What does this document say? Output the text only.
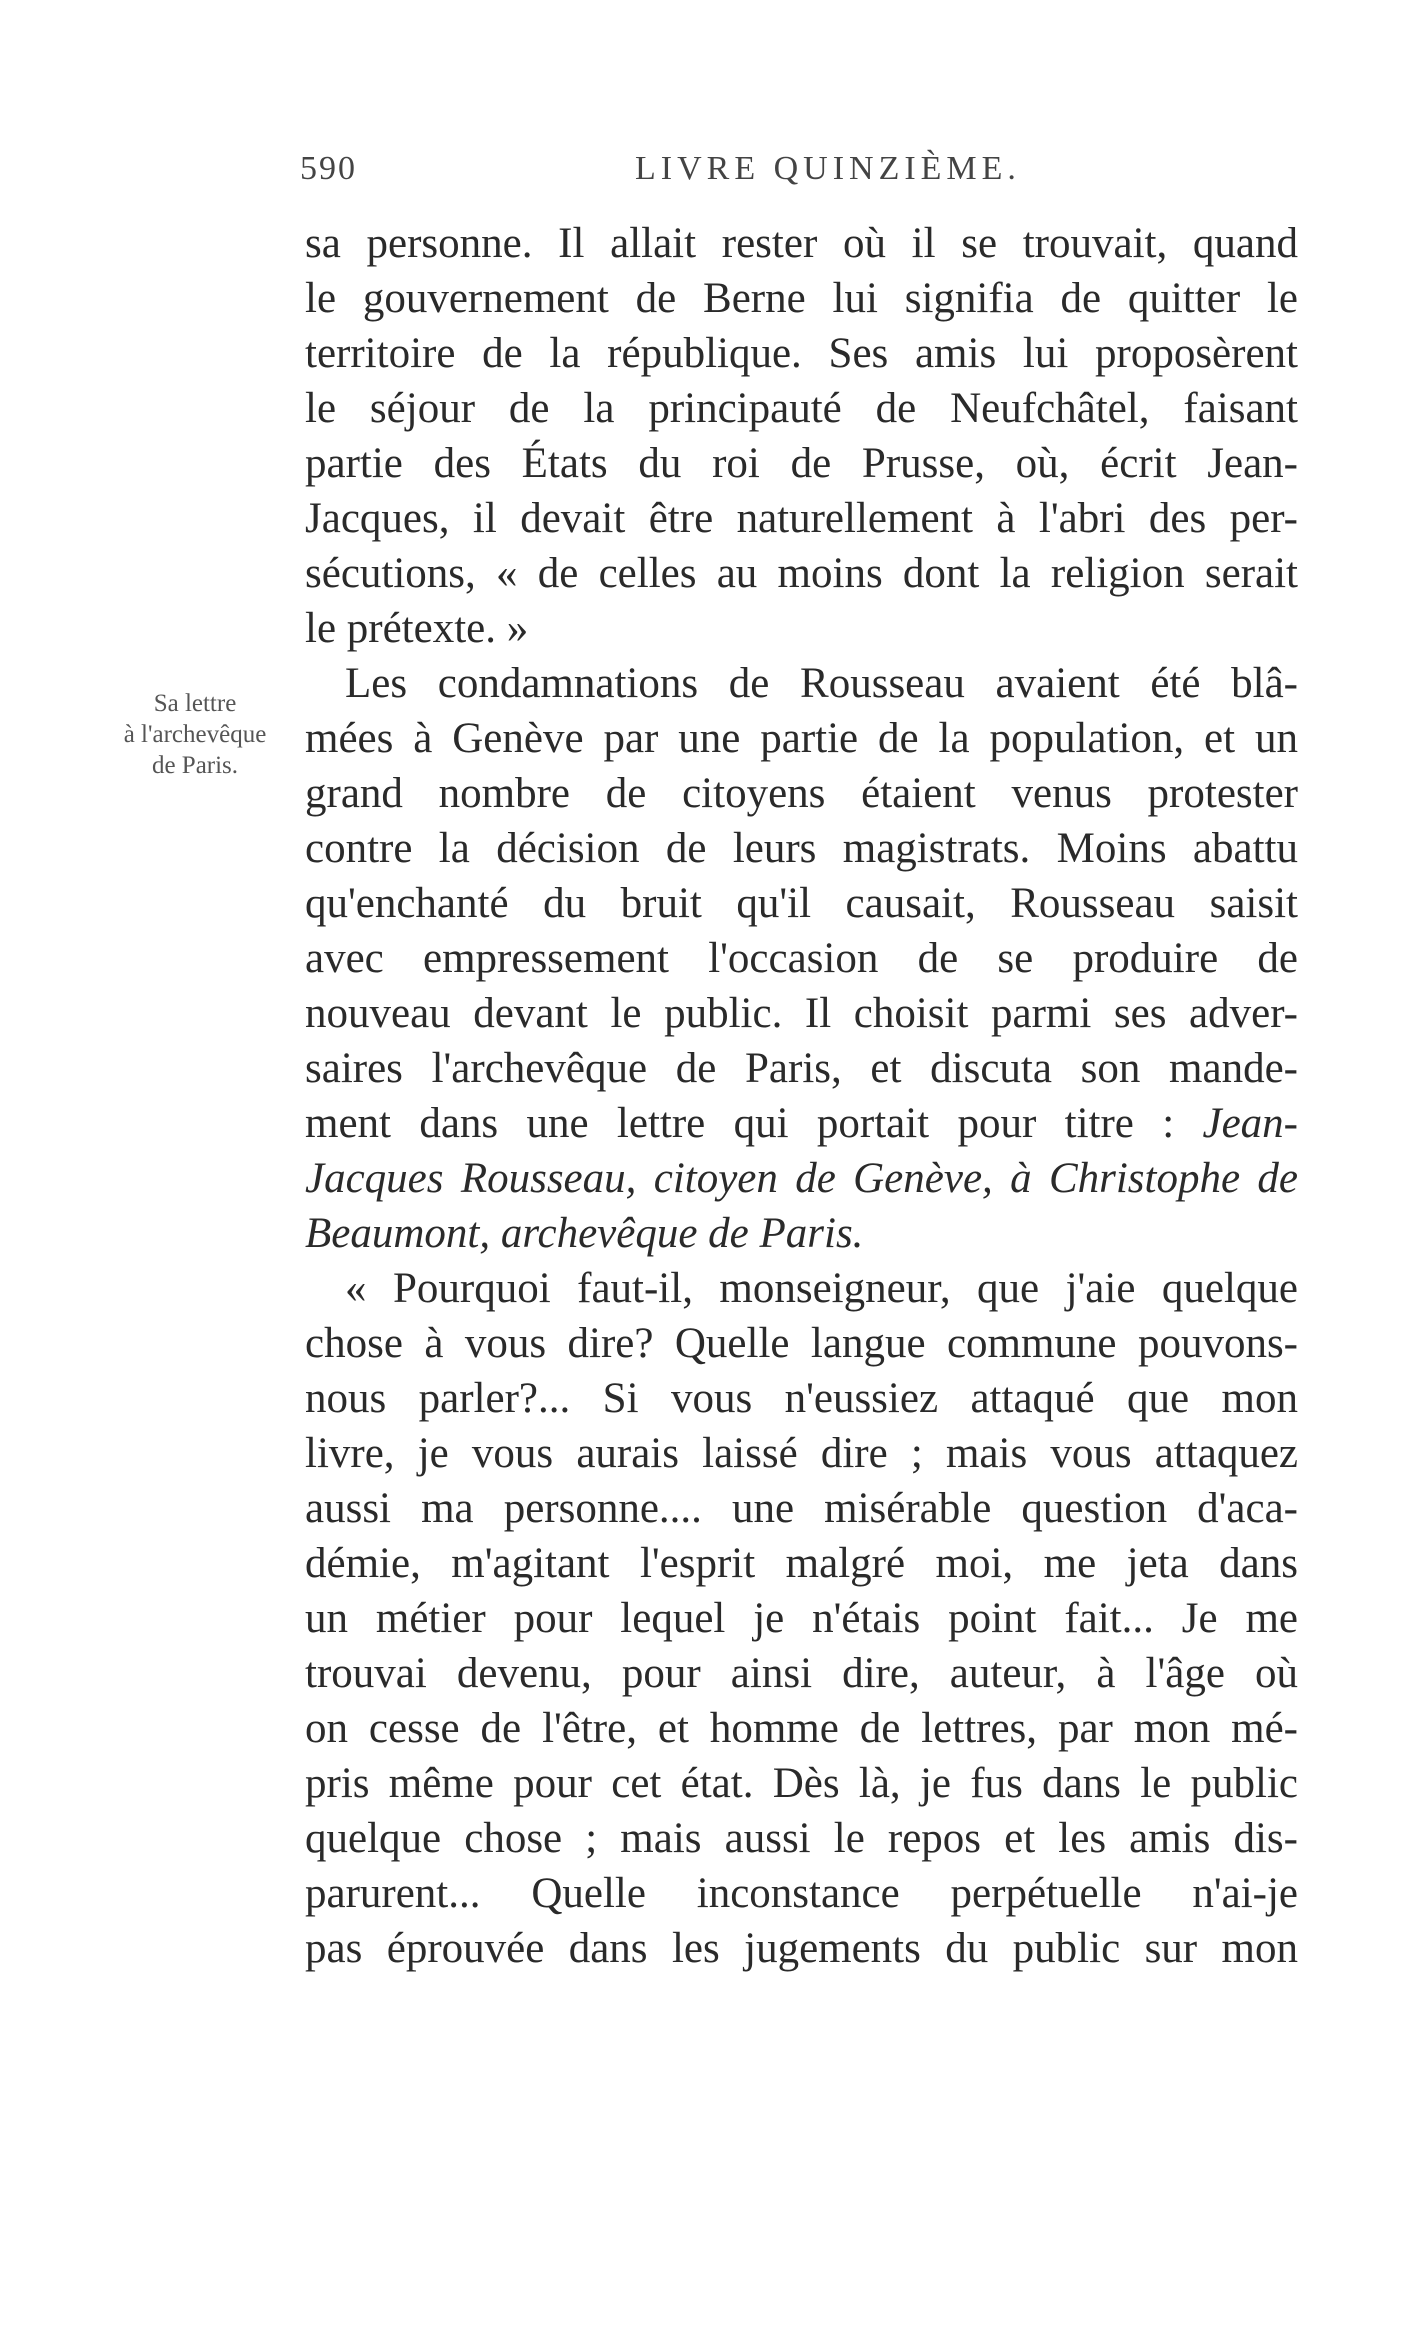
590	LIVRE QUINZIÈME.
Sa lettre
à l'archevêque
de Paris.
sa personne. Il allait rester où il se trouvait, quand
le gouvernement de Berne lui signifia de quitter le
territoire de la république. Ses amis lui proposèrent
le séjour de la principauté de Neufchâtel, faisant
partie des États du roi de Prusse, où, écrit Jean-
Jacques, il devait être naturellement à l'abri des per-
sécutions, « de celles au moins dont la religion serait
le prétexte. »
Les condamnations de Rousseau avaient été blâ-
mées à Genève par une partie de la population, et un
grand nombre de citoyens étaient venus protester
contre la décision de leurs magistrats. Moins abattu
qu'enchanté du bruit qu'il causait, Rousseau saisit
avec empressement l'occasion de se produire de
nouveau devant le public. Il choisit parmi ses adver-
saires l'archevêque de Paris, et discuta son mande-
ment dans une lettre qui portait pour titre : Jean-
Jacques Rousseau, citoyen de Genève, à Christophe de
Beaumont, archevêque de Paris.
« Pourquoi faut-il, monseigneur, que j'aie quelque
chose à vous dire? Quelle langue commune pouvons-
nous parler?... Si vous n'eussiez attaqué que mon
livre, je vous aurais laissé dire ; mais vous attaquez
aussi ma personne.... une misérable question d'aca-
démie, m'agitant l'esprit malgré moi, me jeta dans
un métier pour lequel je n'étais point fait... Je me
trouvai devenu, pour ainsi dire, auteur, à l'âge où
on cesse de l'être, et homme de lettres, par mon mé-
pris même pour cet état. Dès là, je fus dans le public
quelque chose ; mais aussi le repos et les amis dis-
parurent... Quelle inconstance perpétuelle n'ai-je
pas éprouvée dans les jugements du public sur mon
